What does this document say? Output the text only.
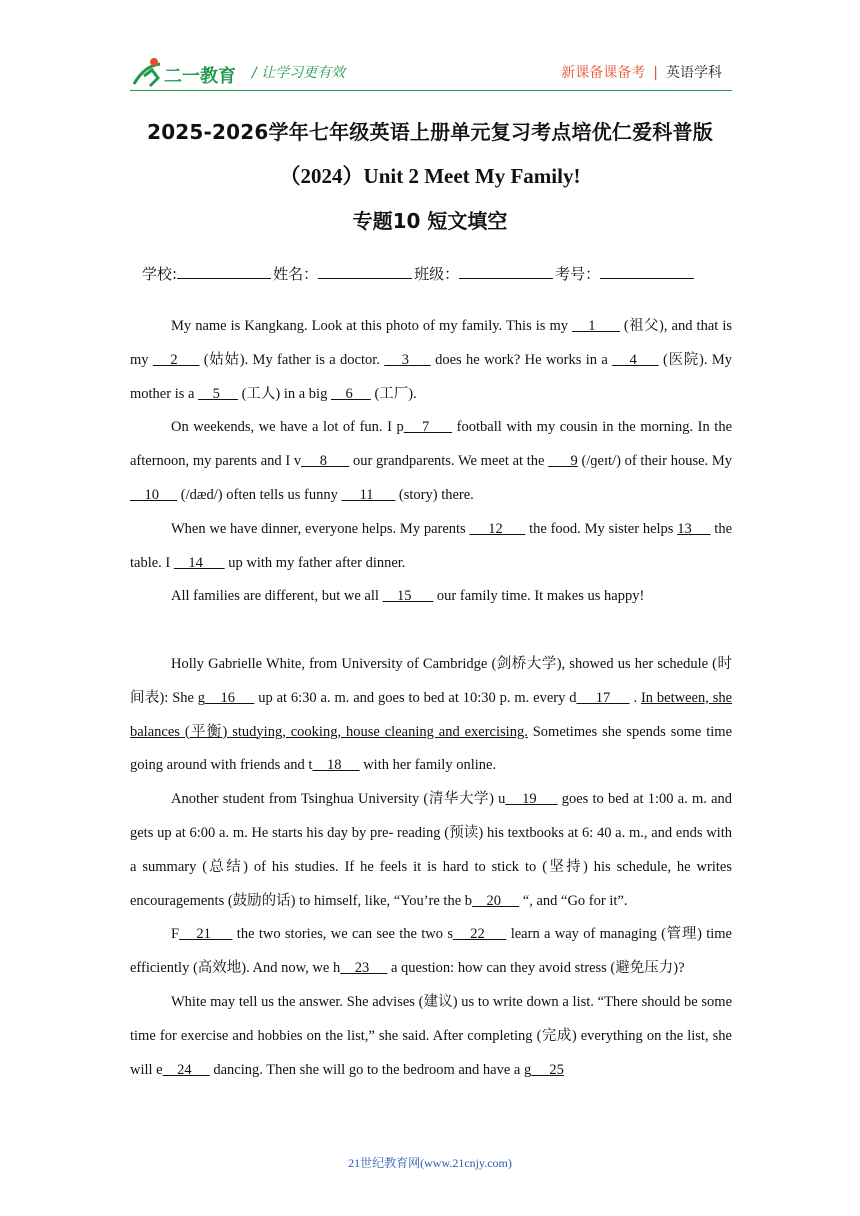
二一教育 / 让学习更有效	新课备课备考 | 英语学科
2025-2026学年七年级英语上册单元复习考点培优仁爱科普版
（2024）Unit 2 Meet My Family!
专题10 短文填空
学校:	姓名：	班级：	考号：

My name is Kangkang. Look at this photo of my family. This is my     1       (祖父), and that is my     2      (姑姑). My father is a doctor.     3      does he work? He works in a     4      (医院). My mother is a     5      (工人) in a big     6      (工厂).

On weekends, we have a lot of fun. I p    7      football with my cousin in the morning. In the afternoon, my parents and I v     8       our grandparents. We meet at the       9 (/ɡeɪt/) of their house. My     10      (/dæd/) often tells us funny      11       (story) there.

When we have dinner, everyone helps. My parents      12       the food. My sister helps 13      the table. I     14       up with my father after dinner.

All families are different, but we all     15       our family time. It makes us happy!

Holly Gabrielle White, from University of Cambridge (剑桥大学), showed us her schedule (时间表): She g    16      up at 6:30 a. m. and goes to bed at 10:30 p. m. every d     17      . In between, she balances (平衡) studying, cooking, house cleaning and exercising. Sometimes she spends some time going around with friends and t    18      with her family online.

Another student from Tsinghua University (清华大学) u    19      goes to bed at 1:00 a. m. and gets up at 6:00 a. m. He starts his day by pre- reading (预读) his textbooks at 6: 40 a. m., and ends with a summary (总结) of his studies. If he feels it is hard to stick to (坚持) his schedule, he writes encouragements (鼓励的话) to himself, like, “You’re the b    20      “, and “Go for it”.

F    21      the two stories, we can see the two s    22      learn a way of managing (管理) time efficiently (高效地). And now, we h    23      a question: how can they avoid stress (避免压力)?

White may tell us the answer. She advises (建议) us to write down a list. “There should be some time for exercise and hobbies on the list,” she said. After completing (完成) everything on the list, she will e    24      dancing. Then she will go to the bedroom and have a g     25

21世纪教育网(www.21cnjy.com)
